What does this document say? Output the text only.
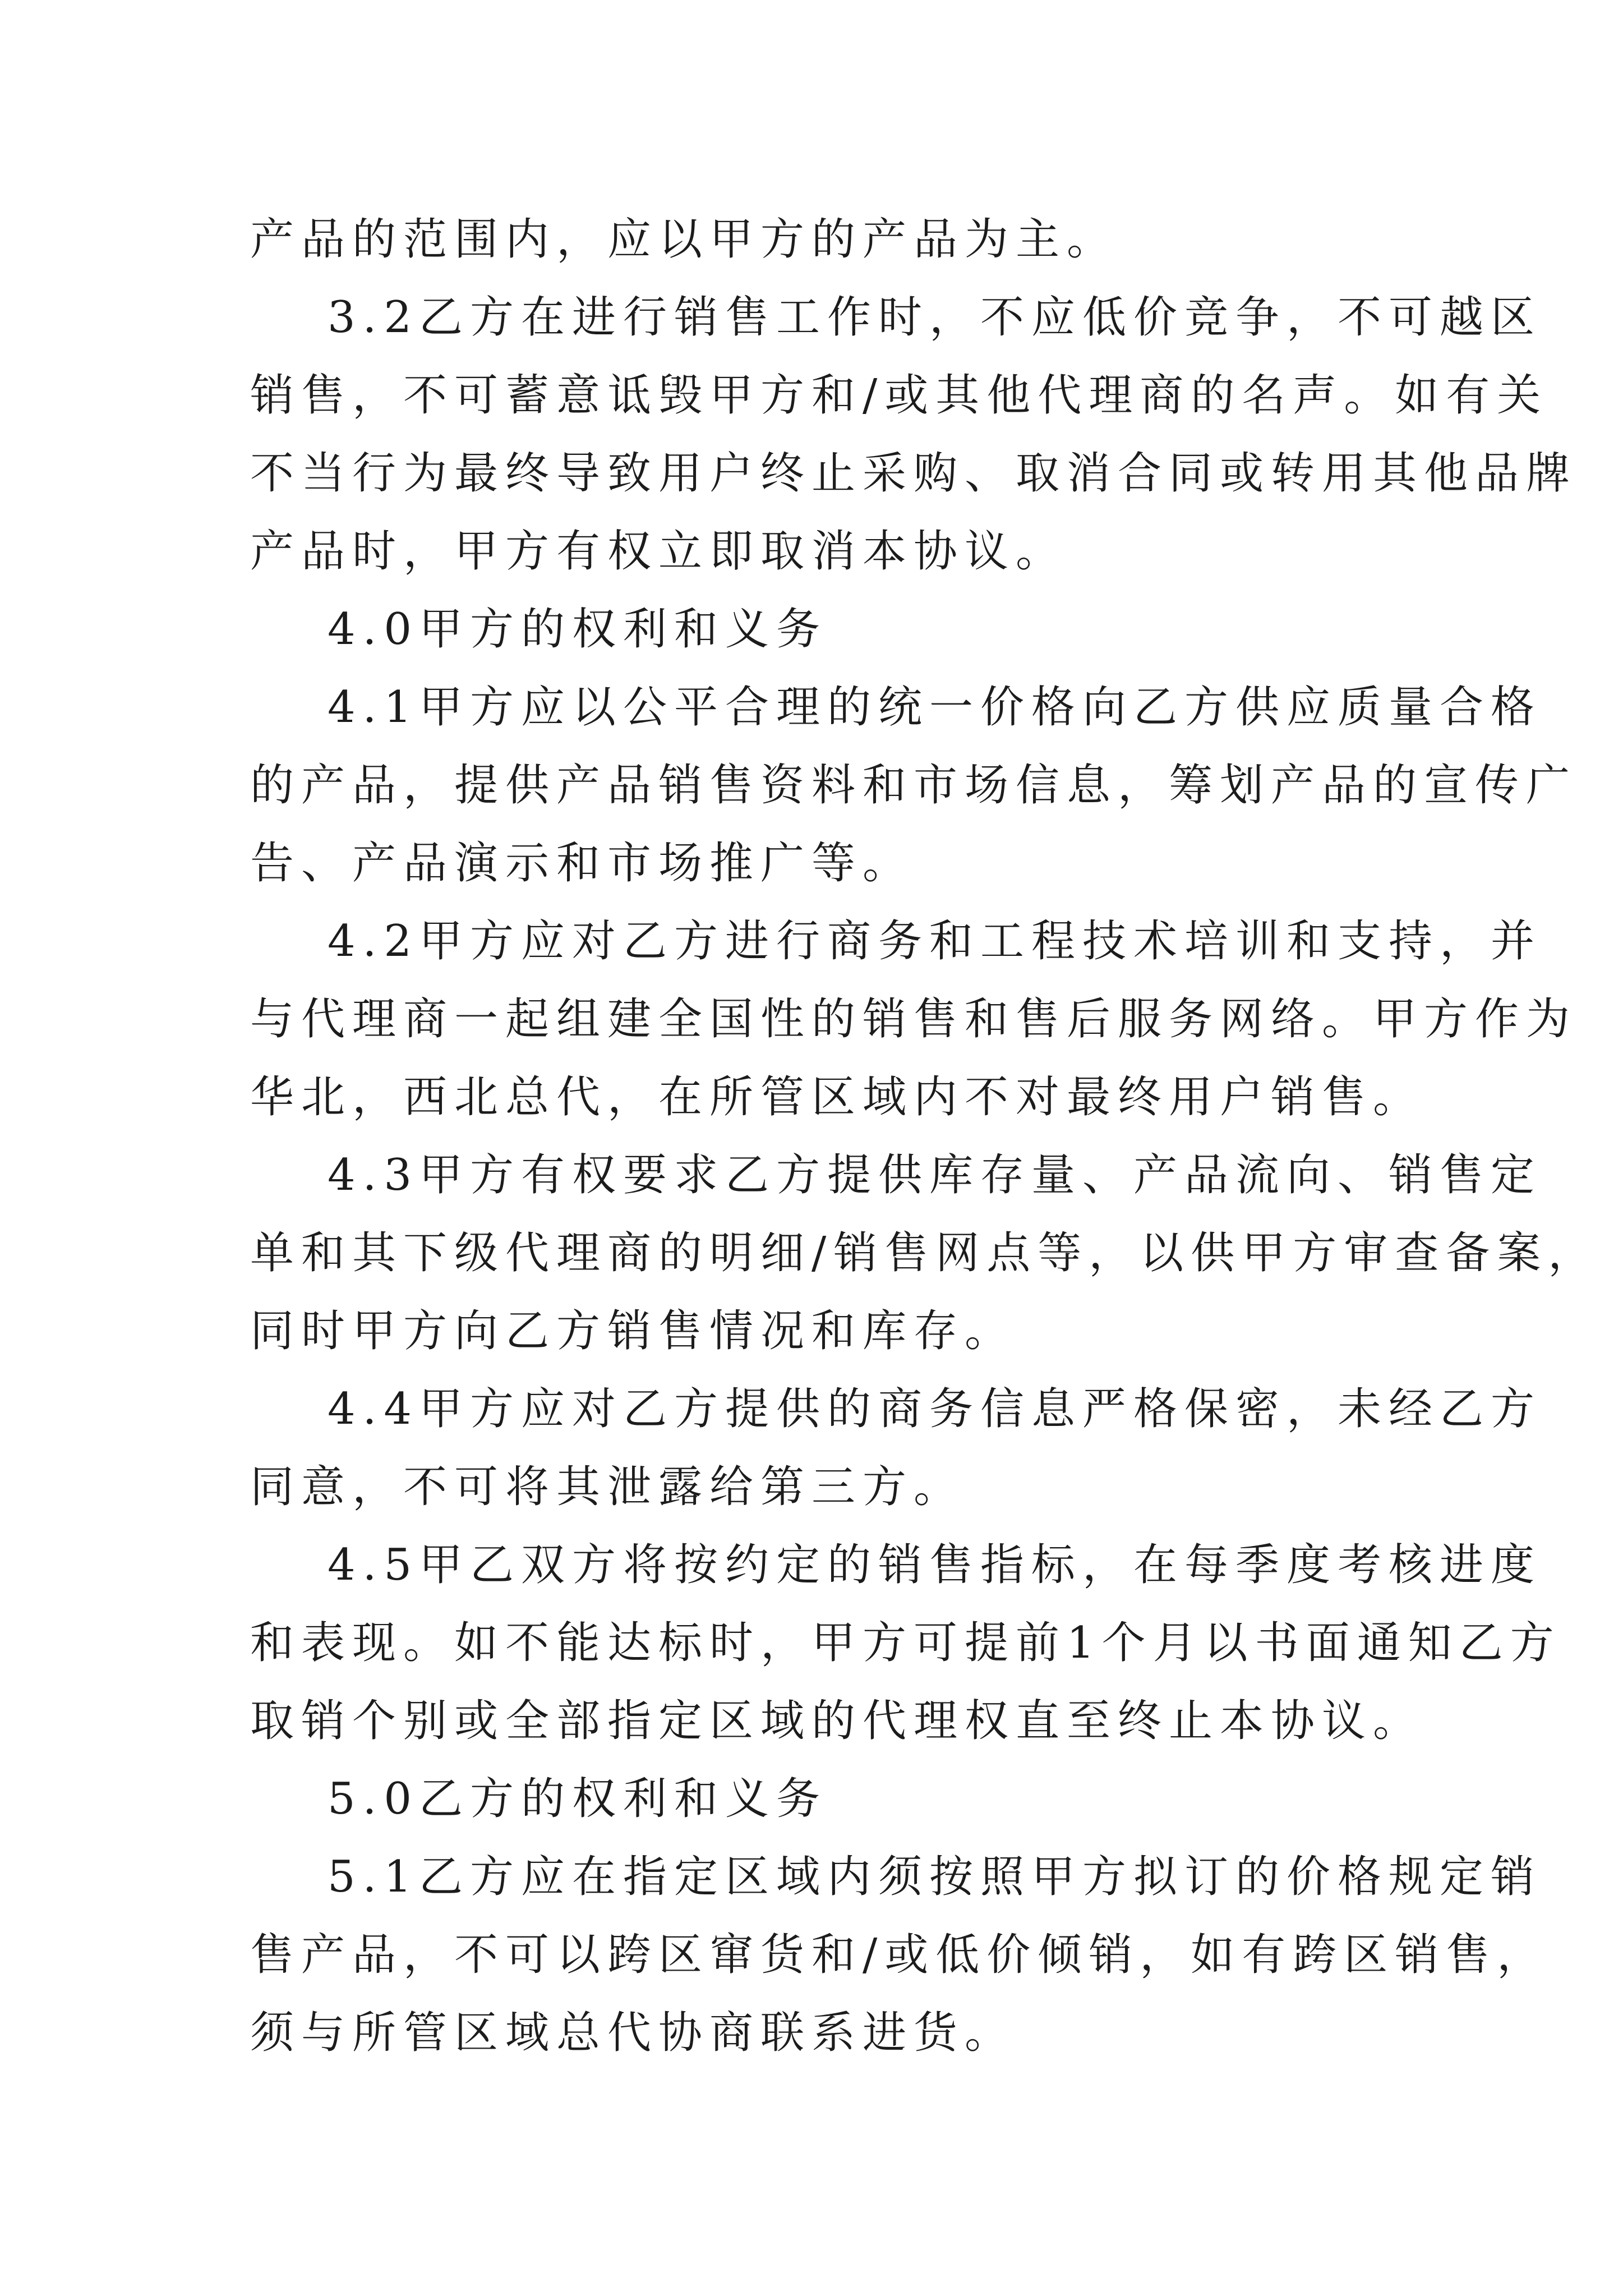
产品的范围内，应以甲方的产品为主。
3.2乙方在进行销售工作时，不应低价竞争，不可越区
销售，不可蓄意诋毁甲方和/或其他代理商的名声。如有关
不当行为最终导致用户终止采购、取消合同或转用其他品牌
产品时，甲方有权立即取消本协议。
4.0甲方的权利和义务
4.1甲方应以公平合理的统一价格向乙方供应质量合格
的产品，提供产品销售资料和市场信息，筹划产品的宣传广
告、产品演示和市场推广等。
4.2甲方应对乙方进行商务和工程技术培训和支持，并
与代理商一起组建全国性的销售和售后服务网络。甲方作为
华北，西北总代，在所管区域内不对最终用户销售。
4.3甲方有权要求乙方提供库存量、产品流向、销售定
单和其下级代理商的明细/销售网点等，以供甲方审查备案，
同时甲方向乙方销售情况和库存。
4.4甲方应对乙方提供的商务信息严格保密，未经乙方
同意，不可将其泄露给第三方。
4.5甲乙双方将按约定的销售指标，在每季度考核进度
和表现。如不能达标时，甲方可提前1个月以书面通知乙方
取销个别或全部指定区域的代理权直至终止本协议。
5.0乙方的权利和义务
5.1乙方应在指定区域内须按照甲方拟订的价格规定销
售产品，不可以跨区窜货和/或低价倾销，如有跨区销售，
须与所管区域总代协商联系进货。
